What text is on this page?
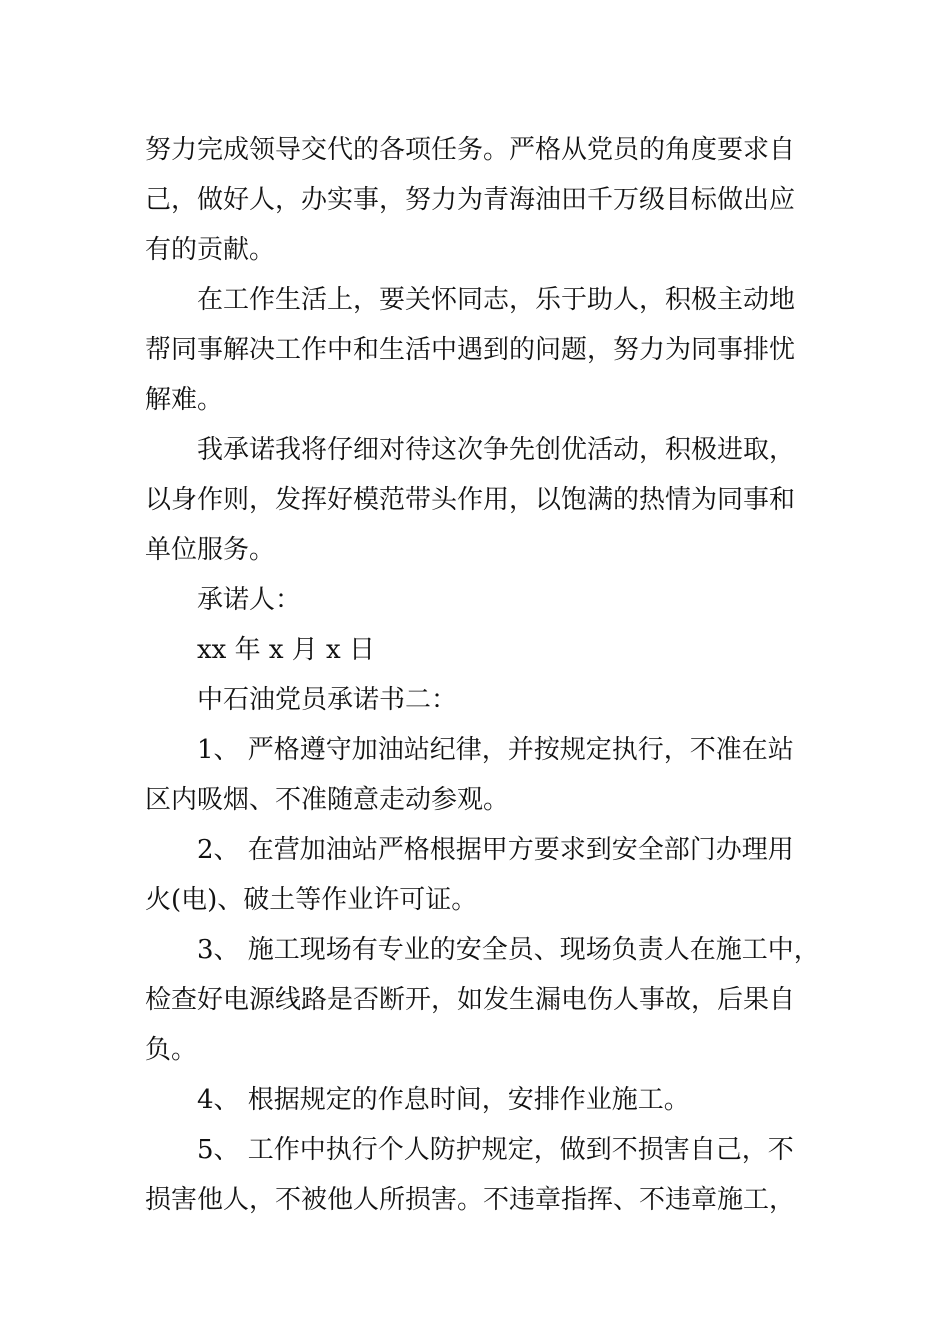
努力完成领导交代的各项任务。严格从党员的角度要求自

己，做好人，办实事，努力为青海油田千万级目标做出应

有的贡献。

在工作生活上，要关怀同志，乐于助人，积极主动地

帮同事解决工作中和生活中遇到的问题，努力为同事排忧

解难。

我承诺我将仔细对待这次争先创优活动，积极进取，

以身作则，发挥好模范带头作用，以饱满的热情为同事和

单位服务。

承诺人：

xx 年 x 月 x 日

中石油党员承诺书二：

1、 严格遵守加油站纪律，并按规定执行，不准在站

区内吸烟、不准随意走动参观。

2、 在营加油站严格根据甲方要求到安全部门办理用

火(电)、破土等作业许可证。

3、 施工现场有专业的安全员、现场负责人在施工中，

检查好电源线路是否断开，如发生漏电伤人事故，后果自

负。

4、 根据规定的作息时间，安排作业施工。

5、 工作中执行个人防护规定，做到不损害自己，不

损害他人，不被他人所损害。不违章指挥、不违章施工，
